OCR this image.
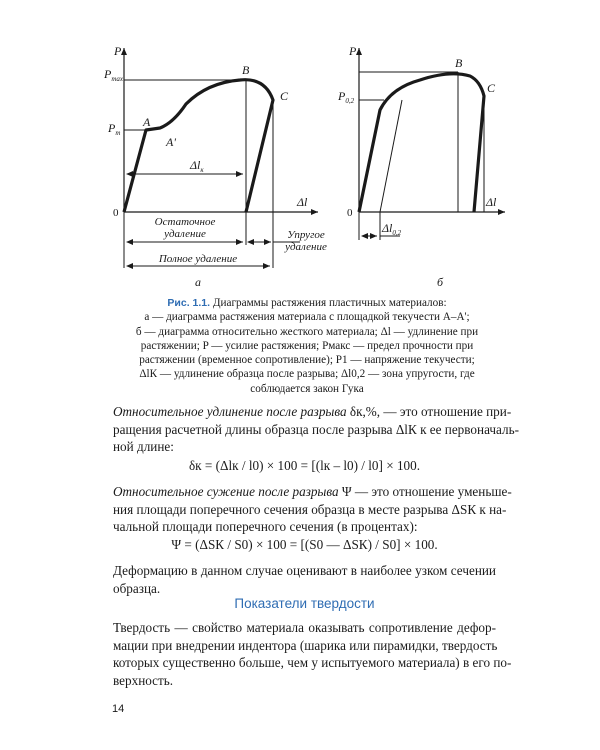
P
Δl
0
$P_{max}$
$P_т$
A
A'
B
C
$\Delta l_к$
Остаточное
удаление	Упругое
удаление
Полное удаление
а
P
Δl
0
$P_{0,2}$
B
C
$\Delta l_{0,2}$
б
Рис. 1.1. Диаграммы растяжения пластичных материалов:
а — диаграмма растяжения материала с площадкой текучести A–A';
б — диаграмма относительно жесткого материала; Δl — удлинение при
растяжении; P — усилие растяжения; Pмакс — предел прочности при
растяжении (временное сопротивление); P1 — напряжение текучести;
ΔlК — удлинение образца после разрыва; Δl0,2 — зона упругости, где
соблюдается закон Гука
Относительное удлинение после разрыва δк,%, — это отношение при-
ращения расчетной длины образца после разрыва ΔlК к ее первоначаль-
ной длине:
δк = (Δlк / l0) × 100 = [(lк – l0) / l0] × 100.
Относительное сужение после разрыва Ψ — это отношение уменьше-
ния площади поперечного сечения образца в месте разрыва ΔSК к на-
чальной площади поперечного сечения (в процентах):
Ψ = (ΔSК / S0) × 100 = [(S0 — ΔSК) / S0] × 100.
Деформацию в данном случае оценивают в наиболее узком сечении
образца.
Показатели твердости
Твердость — свойство материала оказывать сопротивление дефор-
мации при внедрении индентора (шарика или пирамидки, твердость
которых существенно больше, чем у испытуемого материала) в его по-
верхность.
14
